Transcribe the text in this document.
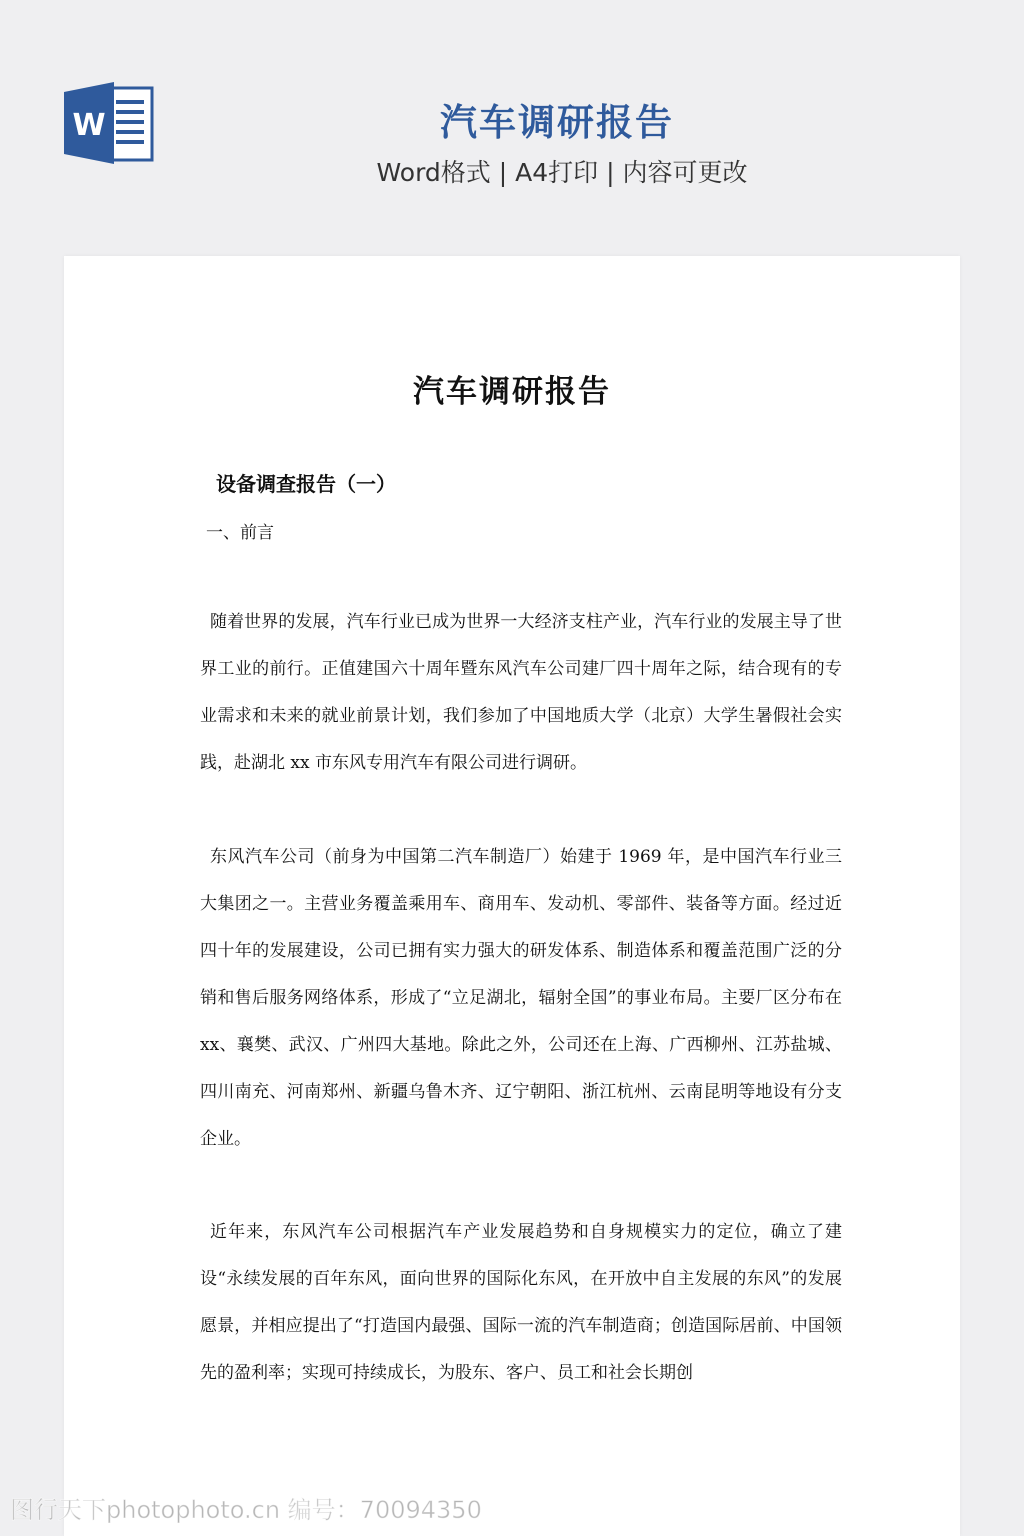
W	汽车调研报告
Word格式 | A4打印 | 内容可更改
汽车调研报告
设备调查报告（一）
一、前言

随着世界的发展，汽车行业已成为世界一大经济支柱产业，汽车行业的发展主导了世界工业的前行。正值建国六十周年暨东风汽车公司建厂四十周年之际，结合现有的专业需求和未来的就业前景计划，我们参加了中国地质大学（北京）大学生暑假社会实践，赴湖北 xx 市东风专用汽车有限公司进行调研。

东风汽车公司（前身为中国第二汽车制造厂）始建于 1969 年，是中国汽车行业三大集团之一。主营业务覆盖乘用车、商用车、发动机、零部件、装备等方面。经过近四十年的发展建设，公司已拥有实力强大的研发体系、制造体系和覆盖范围广泛的分销和售后服务网络体系，形成了“立足湖北，辐射全国”的事业布局。主要厂区分布在 xx、襄樊、武汉、广州四大基地。除此之外，公司还在上海、广西柳州、江苏盐城、四川南充、河南郑州、新疆乌鲁木齐、辽宁朝阳、浙江杭州、云南昆明等地设有分支企业。

近年来，东风汽车公司根据汽车产业发展趋势和自身规模实力的定位，确立了建设“永续发展的百年东风，面向世界的国际化东风，在开放中自主发展的东风”的发展愿景，并相应提出了“打造国内最强、国际一流的汽车制造商；创造国际居前、中国领先的盈利率；实现可持续成长，为股东、客户、员工和社会长期创

图行天下photophoto.cn 编号：70094350
